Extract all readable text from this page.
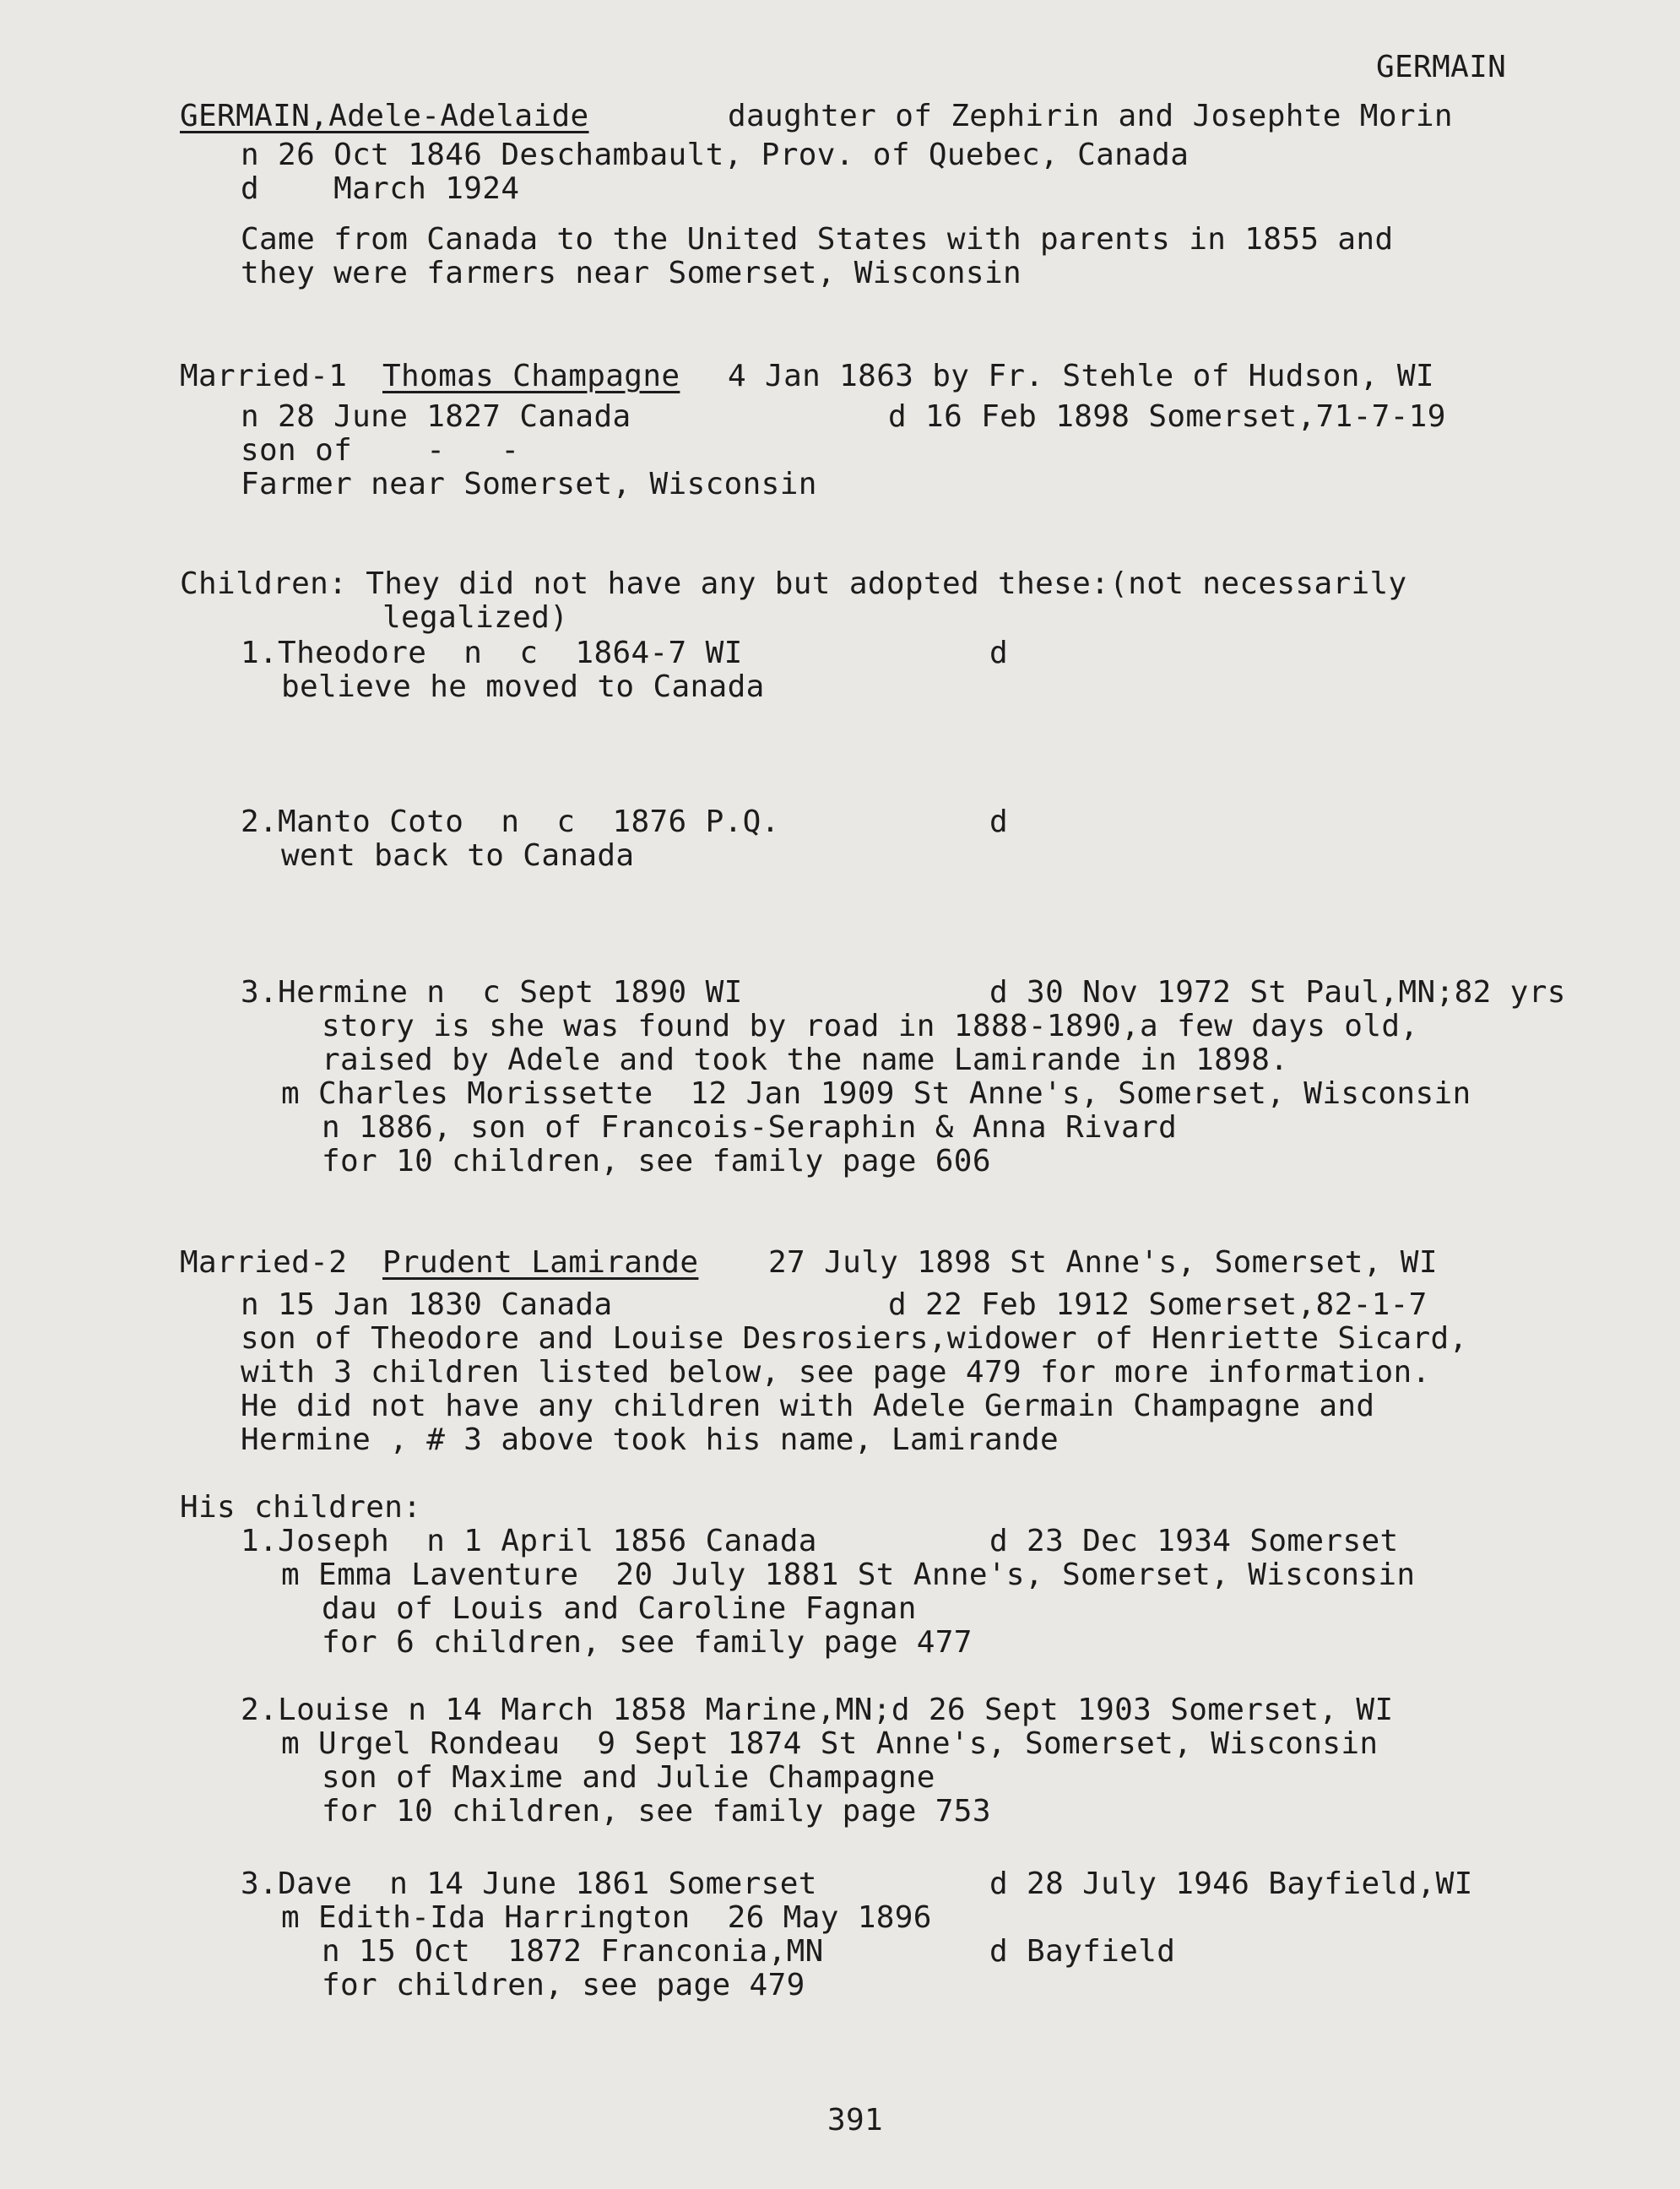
GERMAIN
GERMAIN,Adele-Adelaide	daughter of Zephirin and Josephte Morin
n 26 Oct 1846 Deschambault, Prov. of Quebec, Canada
d    March 1924
Came from Canada to the United States with parents in 1855 and
they were farmers near Somerset, Wisconsin
Married-1 Thomas Champagne 4 Jan 1863 by Fr. Stehle of Hudson, WI
n 28 June 1827 Canada	d 16 Feb 1898 Somerset,71-7-19
son of    -   -
Farmer near Somerset, Wisconsin
Children: They did not have any but adopted these:(not necessarily
legalized)
1.Theodore  n  c  1864-7 WI	d
believe he moved to Canada
2.Manto Coto  n  c  1876 P.Q.	d
went back to Canada
3.Hermine n  c Sept 1890 WI	d 30 Nov 1972 St Paul,MN;82 yrs
story is she was found by road in 1888-1890,a few days old,
raised by Adele and took the name Lamirande in 1898.
m Charles Morissette  12 Jan 1909 St Anne's, Somerset, Wisconsin
n 1886, son of Francois-Seraphin & Anna Rivard
for 10 children, see family page 606
Married-2 Prudent Lamirande 27 July 1898 St Anne's, Somerset, WI
n 15 Jan 1830 Canada	d 22 Feb 1912 Somerset,82-1-7
son of Theodore and Louise Desrosiers,widower of Henriette Sicard,
with 3 children listed below, see page 479 for more information.
He did not have any children with Adele Germain Champagne and
Hermine , # 3 above took his name, Lamirande
His children:
1.Joseph  n 1 April 1856 Canada	d 23 Dec 1934 Somerset
m Emma Laventure  20 July 1881 St Anne's, Somerset, Wisconsin
dau of Louis and Caroline Fagnan
for 6 children, see family page 477
2.Louise n 14 March 1858 Marine,MN;d 26 Sept 1903 Somerset, WI
m Urgel Rondeau  9 Sept 1874 St Anne's, Somerset, Wisconsin
son of Maxime and Julie Champagne
for 10 children, see family page 753
3.Dave  n 14 June 1861 Somerset	d 28 July 1946 Bayfield,WI
m Edith-Ida Harrington  26 May 1896
n 15 Oct  1872 Franconia,MN	d Bayfield
for children, see page 479
391
